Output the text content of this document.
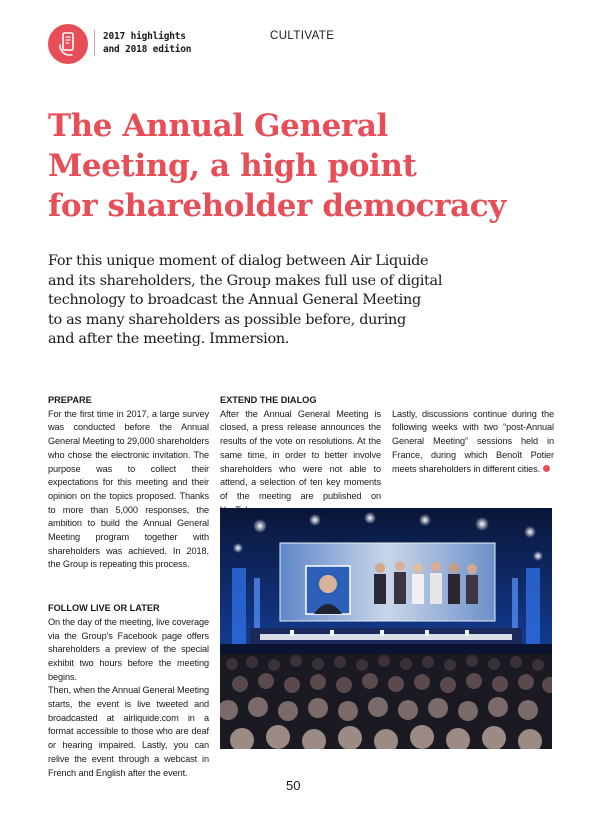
2017 highlights
and 2018 edition
CULTIVATE
The Annual General
Meeting, a high point
for shareholder democracy
For this unique moment of dialog between Air Liquide
and its shareholders, the Group makes full use of digital
technology to broadcast the Annual General Meeting
to as many shareholders as possible before, during
and after the meeting. Immersion.
PREPARE

For the first time in 2017, a large survey was conducted before the Annual General Meeting to 29,000 shareholders who chose the electronic invitation. The purpose was to collect their expectations for this meeting and their opinion on the topics proposed. Thanks to more than 5,000 responses, the ambition to build the Annual General Meeting program together with shareholders was achieved. In 2018, the Group is repeating this process.

FOLLOW LIVE OR LATER

On the day of the meeting, live coverage via the Group's Facebook page offers shareholders a preview of the special exhibit two hours before the meeting begins.

Then, when the Annual General Meeting starts, the event is live tweeted and broadcasted at airliquide.com in a format accessible to those who are deaf or hearing impaired. Lastly, you can relive the event through a webcast in French and English after the event.

EXTEND THE DIALOG

After the Annual General Meeting is closed, a press release announces the results of the vote on resolutions. At the same time, in order to better involve shareholders who were not able to attend, a selection of ten key moments of the meeting are published on

Lastly, discussions continue during the following weeks with two “post-Annual General Meeting” sessions held in France, during which Benoît Potier meets shareholders in different cities.

50
